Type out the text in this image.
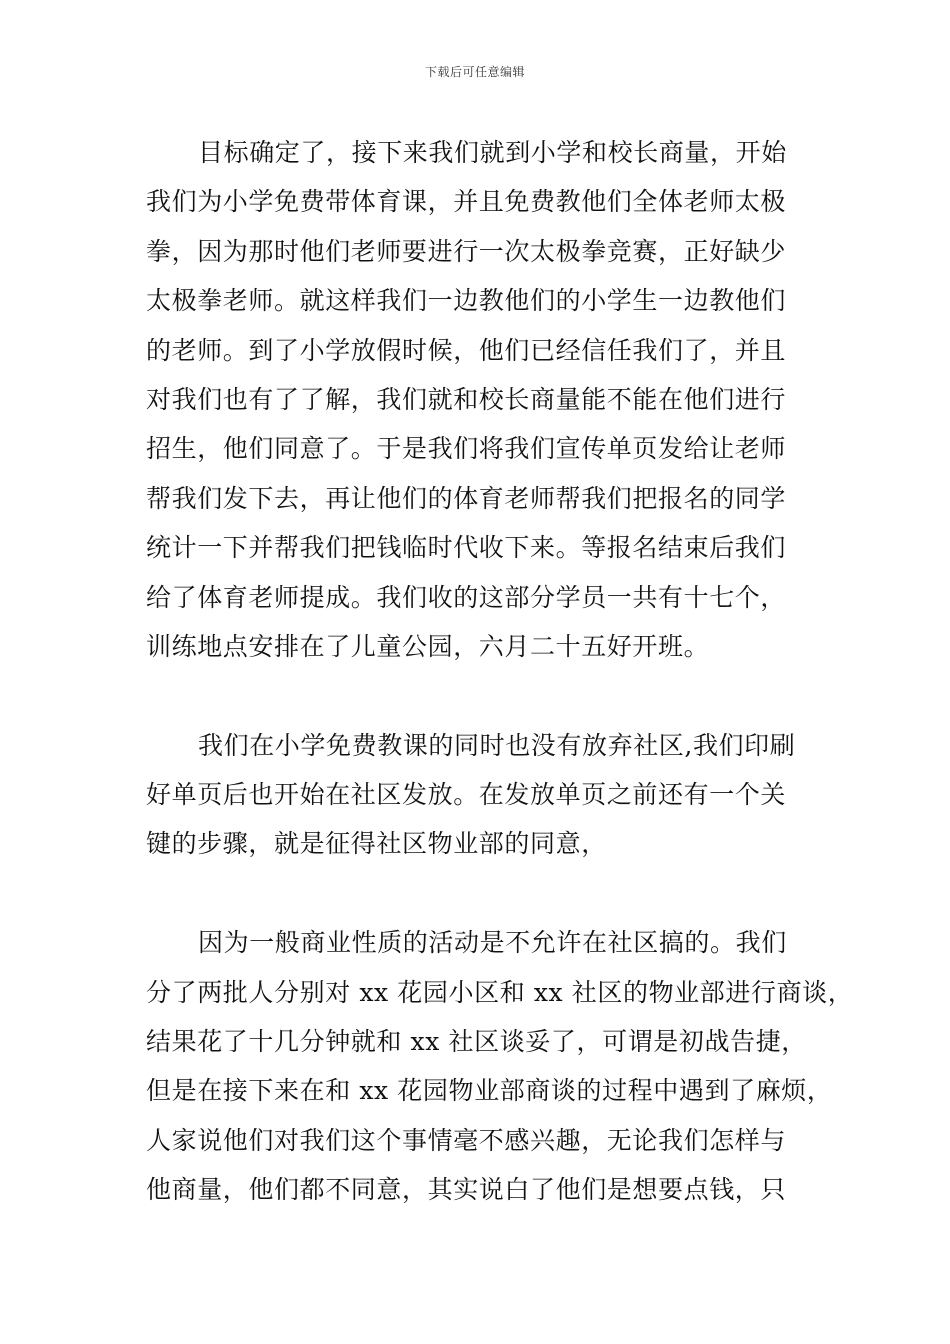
下载后可任意编辑
目标确定了，接下来我们就到小学和校长商量，开始
我们为小学免费带体育课，并且免费教他们全体老师太极
拳，因为那时他们老师要进行一次太极拳竞赛，正好缺少
太极拳老师。就这样我们一边教他们的小学生一边教他们
的老师。到了小学放假时候，他们已经信任我们了，并且
对我们也有了了解，我们就和校长商量能不能在他们进行
招生，他们同意了。于是我们将我们宣传单页发给让老师
帮我们发下去，再让他们的体育老师帮我们把报名的同学
统计一下并帮我们把钱临时代收下来。等报名结束后我们
给了体育老师提成。我们收的这部分学员一共有十七个，
训练地点安排在了儿童公园，六月二十五好开班。
我们在小学免费教课的同时也没有放弃社区,我们印刷
好单页后也开始在社区发放。在发放单页之前还有一个关
键的步骤，就是征得社区物业部的同意，
因为一般商业性质的活动是不允许在社区搞的。我们
分了两批人分别对 xx 花园小区和 xx 社区的物业部进行商谈，
结果花了十几分钟就和 xx 社区谈妥了，可谓是初战告捷，
但是在接下来在和 xx 花园物业部商谈的过程中遇到了麻烦，
人家说他们对我们这个事情毫不感兴趣，无论我们怎样与
他商量，他们都不同意，其实说白了他们是想要点钱，只
